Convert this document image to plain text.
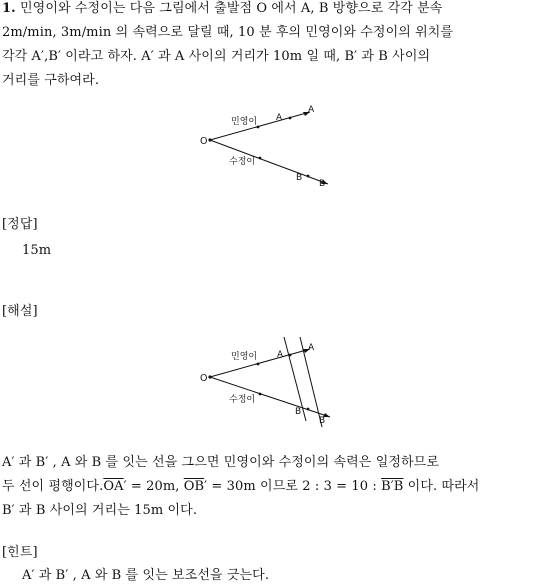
1. 민영이와 수정이는 다음 그림에서 출발점 O 에서 A, B 방향으로 각각 분속
2m/min, 3m/min 의 속력으로 달릴 때, 10 분 후의 민영이와 수정이의 위치를
각각 A′,B′ 이라고 하자. A′ 과 A 사이의 거리가 10m 일 때, B′ 과 B 사이의
거리를 구하여라.
O
민영이 A
A
수정이
B
B
[정답]
15m
[해설]
O
민영이 A
A
수정이
B
B
A′ 과 B′ , A 와 B 를 잇는 선을 그으면 민영이와 수정이의 속력은 일정하므로
두 선이 평행이다$.\overline{OA}' = 20m$, $\overline{OB}' = 30m$ 이므로 2 : 3 = 10 : B′B 이다. 따라서
B′ 과 B 사이의 거리는 15m 이다.
[힌트]
A′ 과 B′ , A 와 B 를 잇는 보조선을 긋는다.
